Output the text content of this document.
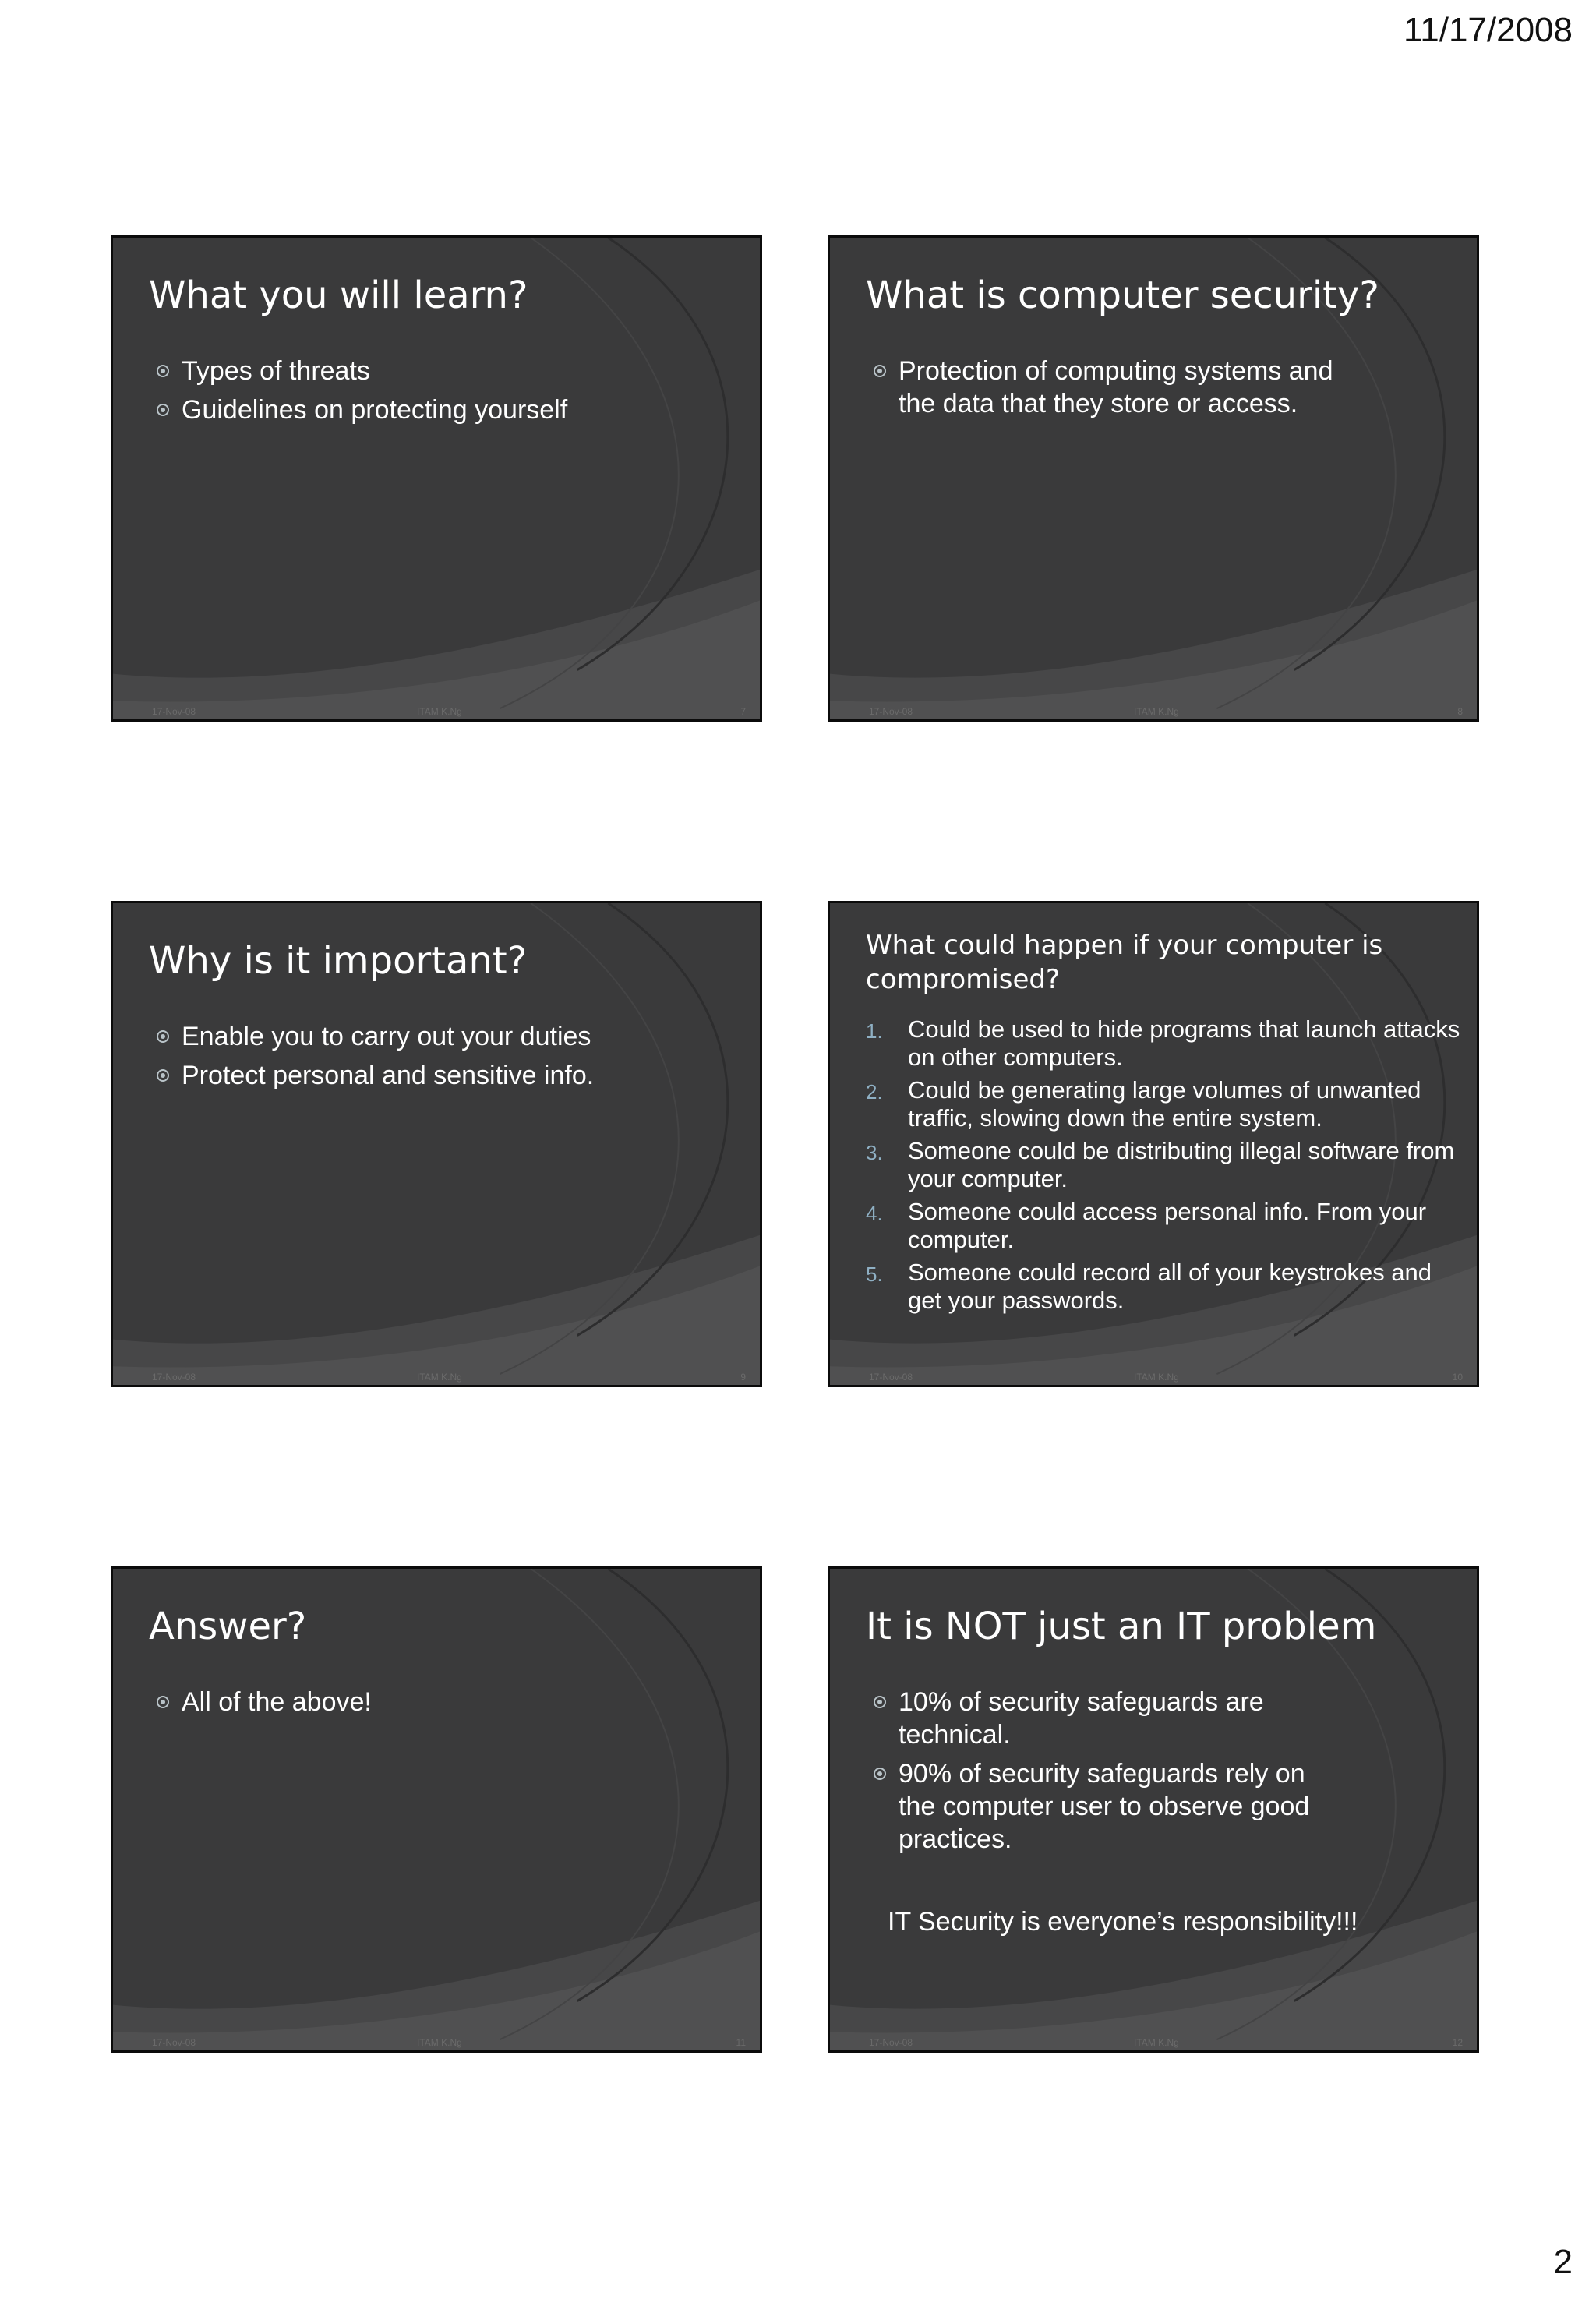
11/17/2008
What you will learn?
Types of threats
Guidelines on protecting yourself
17-Nov-08	ITAM K.Ng	7
What is computer security?
Protection of computing systems and the data that they store or access.
17-Nov-08	ITAM K.Ng	8
Why is it important?
Enable you to carry out your duties
Protect personal and sensitive info.
17-Nov-08	ITAM K.Ng	9
What could happen if your computer is compromised?
1. Could be used to hide programs that launch attacks on other computers.
2. Could be generating large volumes of unwanted traffic, slowing down the entire system.
3. Someone could be distributing illegal software from your computer.
4. Someone could access personal info. From your computer.
5. Someone could record all of your keystrokes and get your passwords.
17-Nov-08	ITAM K.Ng	10
Answer?
All of the above!
17-Nov-08	ITAM K.Ng	11
It is NOT just an IT problem
10% of security safeguards are technical.
90% of security safeguards rely on the computer user to observe good practices.
IT Security is everyone’s responsibility!!!
17-Nov-08	ITAM K.Ng	12
2
